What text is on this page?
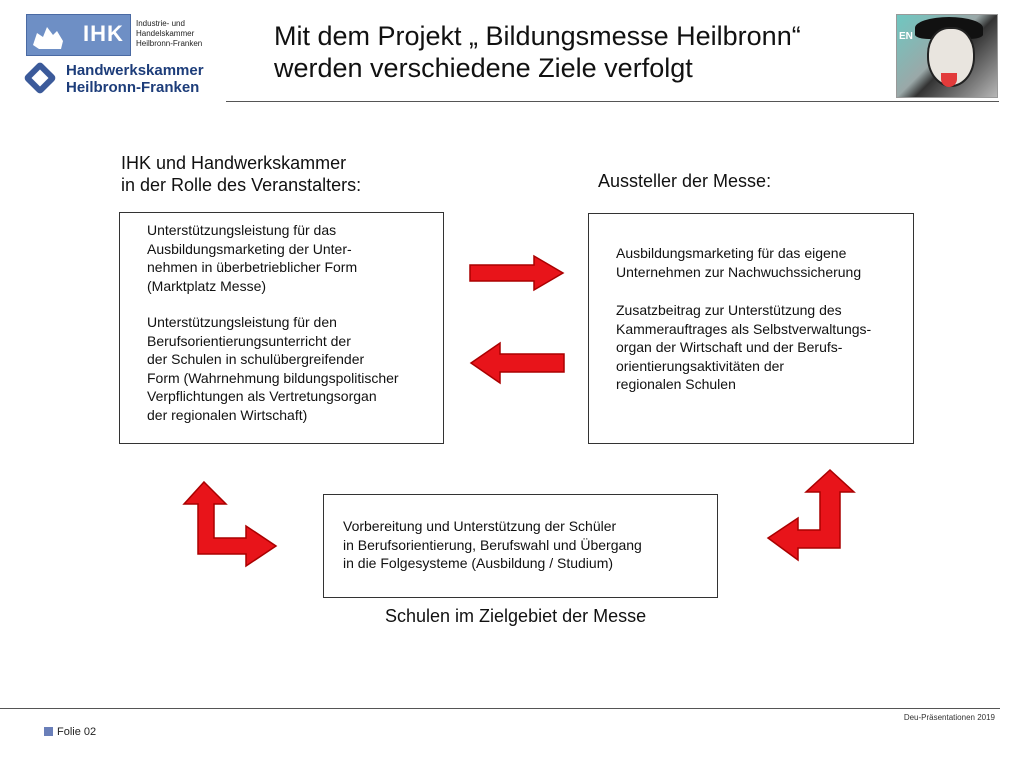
IHK Industrie- und Handelskammer
Heilbronn-Franken
Handwerkskammer
Heilbronn-Franken
Mit dem Projekt „ Bildungsmesse Heilbronn“
werden verschiedene Ziele verfolgt
EN
IHK und Handwerkskammer
in der Rolle des Veranstalters:

Unterstützungsleistung für das
Ausbildungsmarketing der Unter-
nehmen in überbetrieblicher Form
(Marktplatz Messe)

Unterstützungsleistung für den
Berufsorientierungsunterricht der
der Schulen in schulübergreifender
Form (Wahrnehmung bildungspolitischer
Verpflichtungen als Vertretungsorgan
der regionalen Wirtschaft)

Aussteller der Messe:

Ausbildungsmarketing für das eigene
Unternehmen zur Nachwuchssicherung

Zusatzbeitrag zur Unterstützung des
Kammerauftrages als Selbstverwaltungs-
organ der Wirtschaft und der Berufs-
orientierungsaktivitäten der
regionalen Schulen

Vorbereitung und Unterstützung der Schüler
in Berufsorientierung, Berufswahl und Übergang
in die Folgesysteme (Ausbildung / Studium)

Schulen im Zielgebiet der Messe
Deu-Präsentationen 2019
Folie 02
